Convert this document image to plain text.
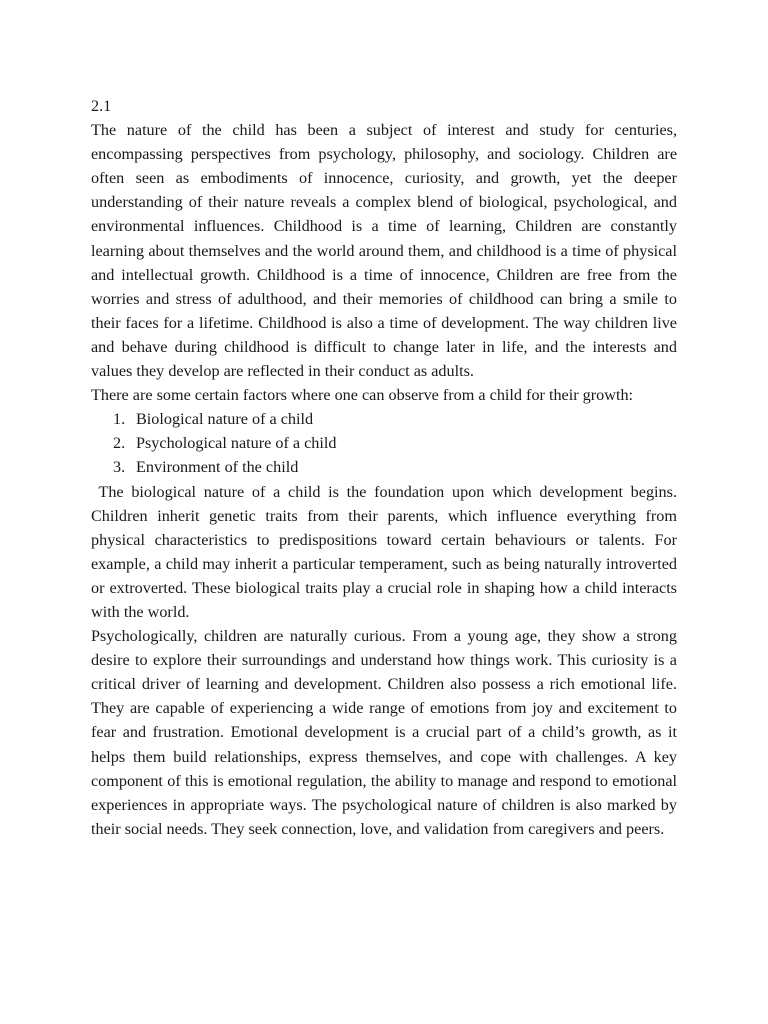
2.1

The nature of the child has been a subject of interest and study for centuries, encompassing perspectives from psychology, philosophy, and sociology. Children are often seen as embodiments of innocence, curiosity, and growth, yet the deeper understanding of their nature reveals a complex blend of biological, psychological, and environmental influences. Childhood is a time of learning, Children are constantly learning about themselves and the world around them, and childhood is a time of physical and intellectual growth. Childhood is a time of innocence, Children are free from the worries and stress of adulthood, and their memories of childhood can bring a smile to their faces for a lifetime. Childhood is also a time of development. The way children live and behave during childhood is difficult to change later in life, and the interests and values they develop are reflected in their conduct as adults.

There are some certain factors where one can observe from a child for their growth:

1. Biological nature of a child
2. Psychological nature of a child
3. Environment of the child

The biological nature of a child is the foundation upon which development begins. Children inherit genetic traits from their parents, which influence everything from physical characteristics to predispositions toward certain behaviours or talents. For example, a child may inherit a particular temperament, such as being naturally introverted or extroverted. These biological traits play a crucial role in shaping how a child interacts with the world.

Psychologically, children are naturally curious. From a young age, they show a strong desire to explore their surroundings and understand how things work. This curiosity is a critical driver of learning and development. Children also possess a rich emotional life. They are capable of experiencing a wide range of emotions from joy and excitement to fear and frustration. Emotional development is a crucial part of a child’s growth, as it helps them build relationships, express themselves, and cope with challenges. A key component of this is emotional regulation, the ability to manage and respond to emotional experiences in appropriate ways. The psychological nature of children is also marked by their social needs. They seek connection, love, and validation from caregivers and peers.
